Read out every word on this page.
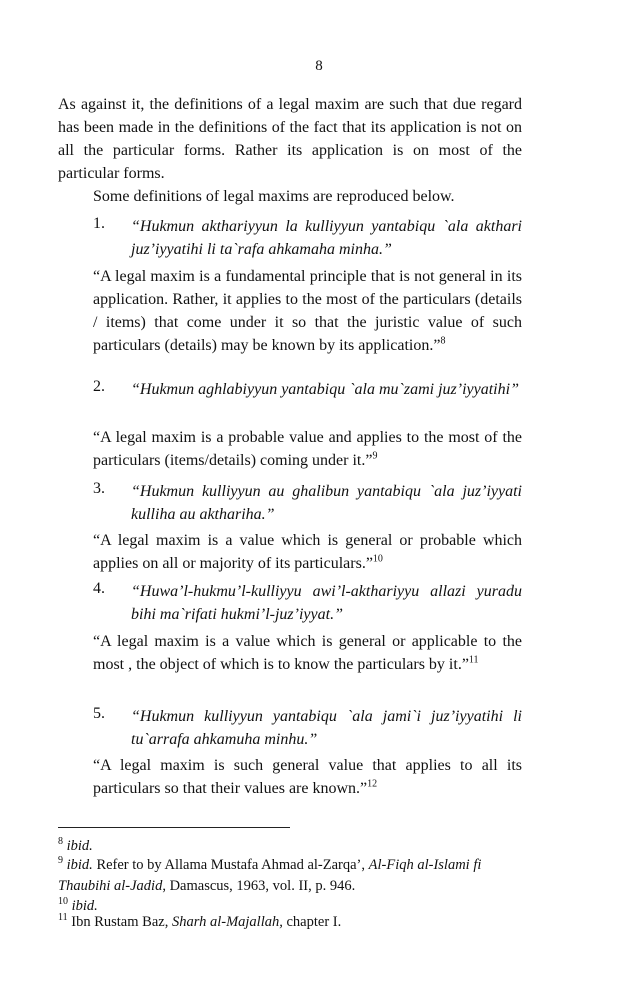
8

As against it, the definitions of a legal maxim are such that due regard has been made in the definitions of the fact that its application is not on all the particular forms. Rather its application is on most of the particular forms.

Some definitions of legal maxims are reproduced below.

1. “Hukmun akthariyyun la kulliyyun yantabiqu `ala akthari juz’iyyatihi li ta`rafa ahkamaha minha.”

“A legal maxim is a fundamental principle that is not general in its application. Rather, it applies to the most of the particulars (details / items) that come under it so that the juristic value of such particulars (details) may be known by its application.”$^8$

2. “Hukmun aghlabiyyun yantabiqu `ala mu`zami juz’iyyatihi”

“A legal maxim is a probable value and applies to the most of the particulars (items/details) coming under it.”$^9$

3. “Hukmun kulliyyun au ghalibun yantabiqu `ala juz’iyyati kulliha au akthariha.”

“A legal maxim is a value which is general or probable which applies on all or majority of its particulars.”$^{10}$

4. “Huwa’l-hukmu’l-kulliyyu awi’l-akthariyyu allazi yuradu bihi ma`rifati hukmi’l-juz’iyyat.”

“A legal maxim is a value which is general or applicable to the most , the object of which is to know the particulars by it.”$^{11}$

5. “Hukmun kulliyyun yantabiqu `ala jami`i juz’iyyatihi li tu`arrafa ahkamuha minhu.”

“A legal maxim is such general value that applies to all its particulars so that their values are known.”$^{12}$

$^8$ ibid.

$^9$ ibid. Refer to by Allama Mustafa Ahmad al-Zarqa’, Al-Fiqh al-Islami fi Thaubihi al-Jadid, Damascus, 1963, vol. II, p. 946.

$^{10}$ ibid.

$^{11}$ Ibn Rustam Baz, Sharh al-Majallah, chapter I.
